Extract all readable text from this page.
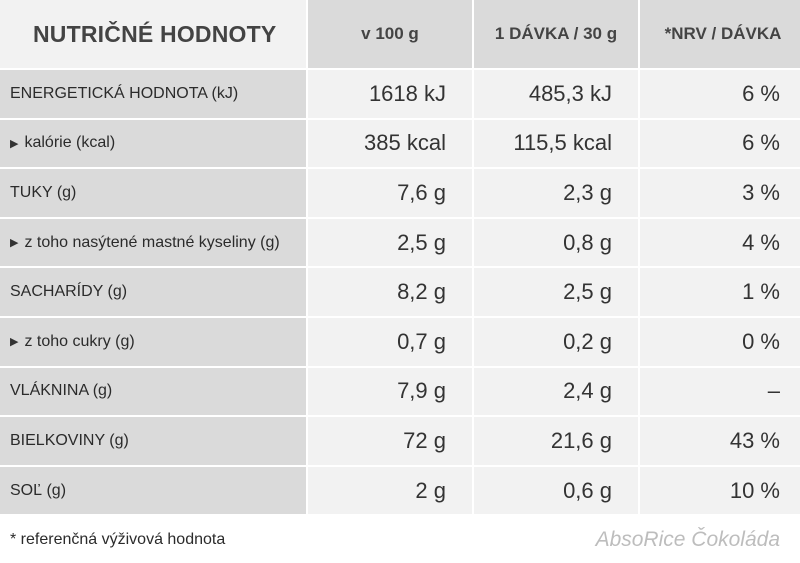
NUTRIČNÉ HODNOTY	v 100 g	1 DÁVKA / 30 g	*NRV / DÁVKA
ENERGETICKÁ HODNOTA (kJ)	1618 kJ	485,3 kJ	6 %
▶ kalórie (kcal)	385 kcal	115,5 kcal	6 %
TUKY (g)	7,6 g	2,3 g	3 %
▶ z toho nasýtené mastné kyseliny (g)	2,5 g	0,8 g	4 %
SACHARÍDY (g)	8,2 g	2,5 g	1 %
▶ z toho cukry (g)	0,7 g	0,2 g	0 %
VLÁKNINA (g)	7,9 g	2,4 g	–
BIELKOVINY (g)	72 g	21,6 g	43 %
SOĽ (g)	2 g	0,6 g	10 %
* referenčná výživová hodnota	AbsoRice Čokoláda
